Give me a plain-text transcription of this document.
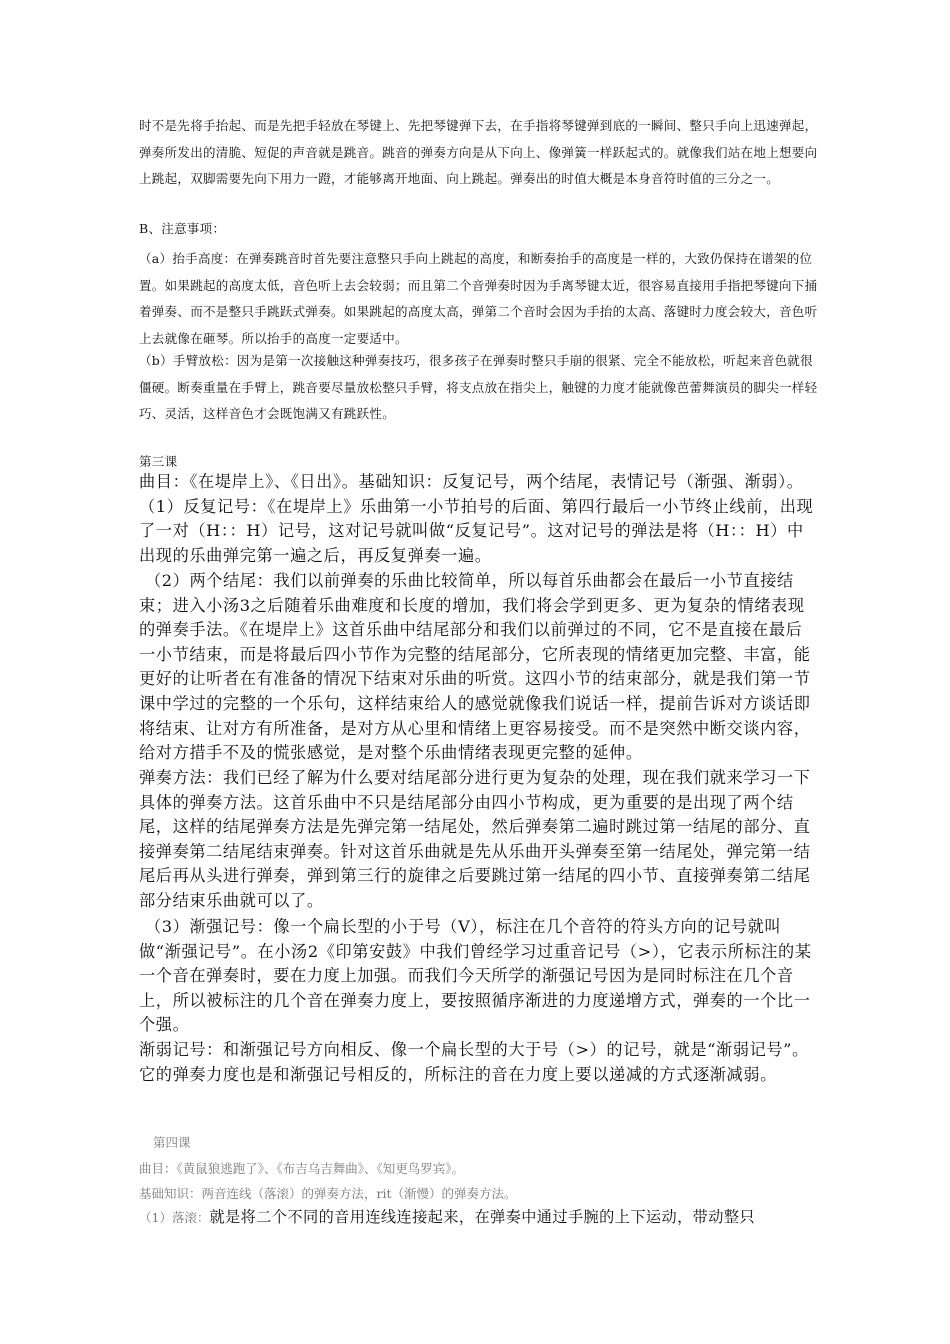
时不是先将手抬起、而是先把手轻放在琴键上、先把琴键弹下去，在手指将琴键弹到底的一瞬间、整只手向上迅速弹起，弹奏所发出的清脆、短促的声音就是跳音。跳音的弹奏方向是从下向上、像弹簧一样跃起式的。就像我们站在地上想要向上跳起，双脚需要先向下用力一蹬，才能够离开地面、向上跳起。弹奏出的时值大概是本身音符时值的三分之一。

B、注意事项：

（a）抬手高度：在弹奏跳音时首先要注意整只手向上跳起的高度，和断奏抬手的高度是一样的，大致仍保持在谱架的位置。如果跳起的高度太低，音色听上去会较弱；而且第二个音弹奏时因为手离琴键太近，很容易直接用手指把琴键向下捅着弹奏、而不是整只手跳跃式弹奏。如果跳起的高度太高，弹第二个音时会因为手抬的太高、落键时力度会较大，音色听上去就像在砸琴。所以抬手的高度一定要适中。

（b）手臂放松：因为是第一次接触这种弹奏技巧，很多孩子在弹奏时整只手崩的很紧、完全不能放松，听起来音色就很僵硬。断奏重量在手臂上，跳音要尽量放松整只手臂，将支点放在指尖上，触键的力度才能就像芭蕾舞演员的脚尖一样轻巧、灵活，这样音色才会既饱满又有跳跃性。

第三课

曲目：《在堤岸上》、《日出》。基础知识：反复记号，两个结尾，表情记号（渐强、渐弱）。（1）反复记号：《在堤岸上》乐曲第一小节拍号的后面、第四行最后一小节终止线前，出现了一对（H：：H）记号，这对记号就叫做“反复记号”。这对记号的弹法是将（H：：H）中出现的乐曲弹完第一遍之后，再反复弹奏一遍。

（2）两个结尾：我们以前弹奏的乐曲比较简单，所以每首乐曲都会在最后一小节直接结束；进入小汤3之后随着乐曲难度和长度的增加，我们将会学到更多、更为复杂的情绪表现的弹奏手法。《在堤岸上》这首乐曲中结尾部分和我们以前弹过的不同，它不是直接在最后一小节结束，而是将最后四小节作为完整的结尾部分，它所表现的情绪更加完整、丰富，能更好的让听者在有准备的情况下结束对乐曲的听赏。这四小节的结束部分，就是我们第一节课中学过的完整的一个乐句，这样结束给人的感觉就像我们说话一样，提前告诉对方谈话即将结束、让对方有所准备，是对方从心里和情绪上更容易接受。而不是突然中断交谈内容，给对方措手不及的慌张感觉，是对整个乐曲情绪表现更完整的延伸。

弹奏方法：我们已经了解为什么要对结尾部分进行更为复杂的处理，现在我们就来学习一下具体的弹奏方法。这首乐曲中不只是结尾部分由四小节构成，更为重要的是出现了两个结尾，这样的结尾弹奏方法是先弹完第一结尾处，然后弹奏第二遍时跳过第一结尾的部分、直接弹奏第二结尾结束弹奏。针对这首乐曲就是先从乐曲开头弹奏至第一结尾处，弹完第一结尾后再从头进行弹奏，弹到第三行的旋律之后要跳过第一结尾的四小节、直接弹奏第二结尾部分结束乐曲就可以了。

（3）渐强记号：像一个扁长型的小于号（V），标注在几个音符的符头方向的记号就叫做“渐强记号”。在小汤2《印第安鼓》中我们曾经学习过重音记号（>），它表示所标注的某一个音在弹奏时，要在力度上加强。而我们今天所学的渐强记号因为是同时标注在几个音上，所以被标注的几个音在弹奏力度上，要按照循序渐进的力度递增方式，弹奏的一个比一个强。

渐弱记号：和渐强记号方向相反、像一个扁长型的大于号（>）的记号，就是“渐弱记号”。它的弹奏力度也是和渐强记号相反的，所标注的音在力度上要以递减的方式逐渐减弱。

第四课

曲目：《黄鼠狼逃跑了》、《布吉乌吉舞曲》、《知更鸟罗宾》。

基础知识：两音连线（落滚）的弹奏方法，rit（渐慢）的弹奏方法。

（1）落滚：就是将二个不同的音用连线连接起来，在弹奏中通过手腕的上下运动，带动整只
